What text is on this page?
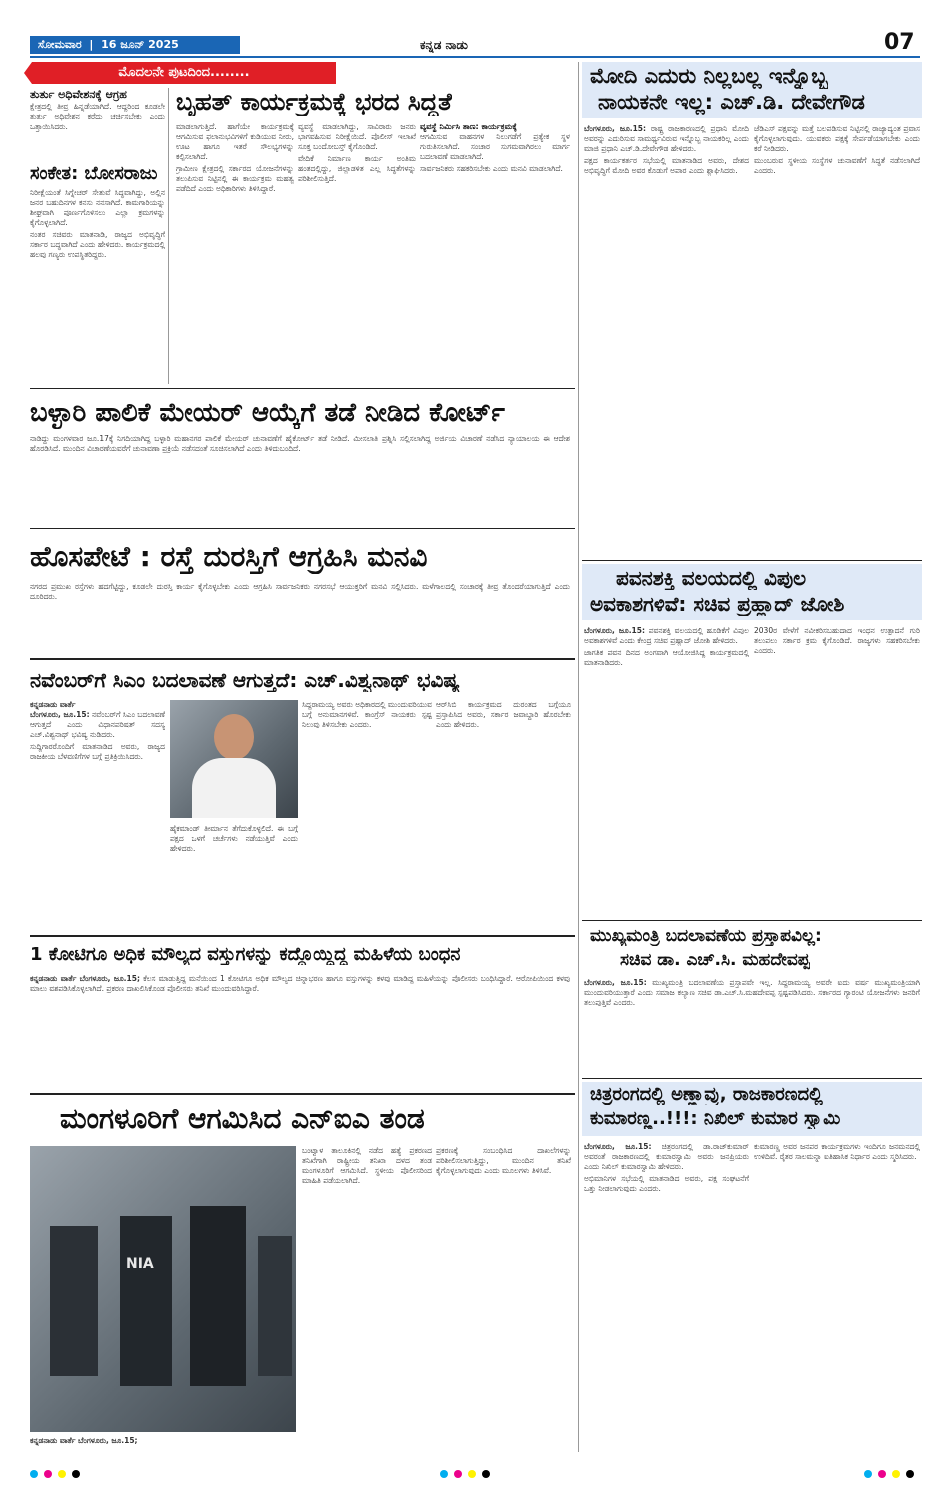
ಸೋಮವಾರ  |  16 ಜೂನ್ 2025	ಕನ್ನಡ ನಾಡು	07
ಮೊದಲನೇ ಪುಟದಿಂದ........
ತುರ್ತು ಅಧಿವೇಶನಕ್ಕೆ ಆಗ್ರಹ

ಕ್ಷೇತ್ರದಲ್ಲಿ ತೀವ್ರ ಹಿನ್ನಡೆಯಾಗಿದೆ. ಆದ್ದರಿಂದ ಕೂಡಲೇ ತುರ್ತು ಅಧಿವೇಶನ ಕರೆದು ಚರ್ಚಿಸಬೇಕು ಎಂದು ಒತ್ತಾಯಿಸಿದರು.

ಸಂಕೇತ: ಬೋಸರಾಜು

ನಿರೀಕ್ಷೆಯಂತೆ ಸಿಗ್ನೇಚರ್ ಸೇತುವೆ ಸಿದ್ಧವಾಗಿದ್ದು, ಅಲ್ಲಿನ ಜನರ ಬಹುದಿನಗಳ ಕನಸು ನನಸಾಗಿದೆ. ಕಾಮಗಾರಿಯನ್ನು ಶೀಘ್ರವಾಗಿ ಪೂರ್ಣಗೊಳಿಸಲು ಎಲ್ಲಾ ಕ್ರಮಗಳನ್ನು ಕೈಗೊಳ್ಳಲಾಗಿದೆ.

ನಂತರ ಸಚಿವರು ಮಾತನಾಡಿ, ರಾಜ್ಯದ ಅಭಿವೃದ್ಧಿಗೆ ಸರ್ಕಾರ ಬದ್ಧವಾಗಿದೆ ಎಂದು ಹೇಳಿದರು. ಕಾರ್ಯಕ್ರಮದಲ್ಲಿ ಹಲವು ಗಣ್ಯರು ಉಪಸ್ಥಿತರಿದ್ದರು.

ಬೃಹತ್ ಕಾರ್ಯಕ್ರಮಕ್ಕೆ ಭರದ ಸಿದ್ಧತೆ

ಮಾಡಲಾಗುತ್ತಿದೆ. ಹಾಗೆಯೇ ಕಾರ್ಯಕ್ರಮಕ್ಕೆ ಆಗಮಿಸುವ ಫಲಾನುಭವಿಗಳಿಗೆ ಕುಡಿಯುವ ನೀರು, ಊಟ ಹಾಗೂ ಇತರೆ ಸೌಲಭ್ಯಗಳನ್ನು ಕಲ್ಪಿಸಲಾಗಿದೆ.

ಗ್ರಾಮೀಣ ಕ್ಷೇತ್ರದಲ್ಲಿ ಸರ್ಕಾರದ ಯೋಜನೆಗಳನ್ನು ತಲುಪಿಸುವ ನಿಟ್ಟಿನಲ್ಲಿ ಈ ಕಾರ್ಯಕ್ರಮ ಮಹತ್ವ ಪಡೆದಿದೆ ಎಂದು ಅಧಿಕಾರಿಗಳು ತಿಳಿಸಿದ್ದಾರೆ.

ವ್ಯವಸ್ಥೆ ಮಾಡಲಾಗಿದ್ದು, ಸಾವಿರಾರು ಜನರು ಭಾಗವಹಿಸುವ ನಿರೀಕ್ಷೆಯಿದೆ. ಪೊಲೀಸ್ ಇಲಾಖೆ ಸೂಕ್ತ ಬಂದೋಬಸ್ತ್ ಕೈಗೊಂಡಿದೆ.

ವೇದಿಕೆ ನಿರ್ಮಾಣ ಕಾರ್ಯ ಅಂತಿಮ ಹಂತದಲ್ಲಿದ್ದು, ಜಿಲ್ಲಾಡಳಿತ ಎಲ್ಲ ಸಿದ್ಧತೆಗಳನ್ನು ಪರಿಶೀಲಿಸುತ್ತಿದೆ.

ವ್ಯವಸ್ಥೆ ನಿರ್ಮಿಸಿ ತಾಣ: ಕಾರ್ಯಕ್ರಮಕ್ಕೆ

ಆಗಮಿಸುವ ವಾಹನಗಳ ನಿಲುಗಡೆಗೆ ಪ್ರತ್ಯೇಕ ಸ್ಥಳ ಗುರುತಿಸಲಾಗಿದೆ. ಸಂಚಾರ ಸುಗಮವಾಗಿರಲು ಮಾರ್ಗ ಬದಲಾವಣೆ ಮಾಡಲಾಗಿದೆ.

ಸಾರ್ವಜನಿಕರು ಸಹಕರಿಸಬೇಕು ಎಂದು ಮನವಿ ಮಾಡಲಾಗಿದೆ.

ಬಳ್ಳಾರಿ ಪಾಲಿಕೆ ಮೇಯರ್ ಆಯ್ಕೆಗೆ ತಡೆ ನೀಡಿದ ಕೋರ್ಟ್

ನಾಡಿದ್ದು ಮಂಗಳವಾರ ಜೂ.17ಕ್ಕೆ ನಿಗದಿಯಾಗಿದ್ದ ಬಳ್ಳಾರಿ ಮಹಾನಗರ ಪಾಲಿಕೆ ಮೇಯರ್ ಚುನಾವಣೆಗೆ ಹೈಕೋರ್ಟ್ ತಡೆ ನೀಡಿದೆ. ಮೀಸಲಾತಿ ಪ್ರಶ್ನಿಸಿ ಸಲ್ಲಿಸಲಾಗಿದ್ದ ಅರ್ಜಿಯ ವಿಚಾರಣೆ ನಡೆಸಿದ ನ್ಯಾಯಾಲಯ ಈ ಆದೇಶ ಹೊರಡಿಸಿದೆ. ಮುಂದಿನ ವಿಚಾರಣೆಯವರೆಗೆ ಚುನಾವಣಾ ಪ್ರಕ್ರಿಯೆ ನಡೆಸದಂತೆ ಸೂಚಿಸಲಾಗಿದೆ ಎಂದು ತಿಳಿದುಬಂದಿದೆ.

ಹೊಸಪೇಟೆ : ರಸ್ತೆ ದುರಸ್ತಿಗೆ ಆಗ್ರಹಿಸಿ ಮನವಿ

ನಗರದ ಪ್ರಮುಖ ರಸ್ತೆಗಳು ಹದಗೆಟ್ಟಿದ್ದು, ಕೂಡಲೇ ದುರಸ್ತಿ ಕಾರ್ಯ ಕೈಗೊಳ್ಳಬೇಕು ಎಂದು ಆಗ್ರಹಿಸಿ ಸಾರ್ವಜನಿಕರು ನಗರಸಭೆ ಆಯುಕ್ತರಿಗೆ ಮನವಿ ಸಲ್ಲಿಸಿದರು. ಮಳೆಗಾಲದಲ್ಲಿ ಸಂಚಾರಕ್ಕೆ ತೀವ್ರ ತೊಂದರೆಯಾಗುತ್ತಿದೆ ಎಂದು ದೂರಿದರು.

ನವೆಂಬರ್‌ಗೆ ಸಿಎಂ ಬದಲಾವಣೆ ಆಗುತ್ತದೆ: ಎಚ್.ವಿಶ್ವನಾಥ್ ಭವಿಷ್ಯ

ಕನ್ನಡನಾಡು ವಾರ್ತೆ
ಬೆಂಗಳೂರು, ಜೂ.15: ನವೆಂಬರ್‌ಗೆ ಸಿಎಂ ಬದಲಾವಣೆ ಆಗುತ್ತದೆ ಎಂದು ವಿಧಾನಪರಿಷತ್ ಸದಸ್ಯ ಎಚ್.ವಿಶ್ವನಾಥ್ ಭವಿಷ್ಯ ನುಡಿದರು.

ಸುದ್ದಿಗಾರರೊಂದಿಗೆ ಮಾತನಾಡಿದ ಅವರು, ರಾಜ್ಯದ ರಾಜಕೀಯ ಬೆಳವಣಿಗೆಗಳ ಬಗ್ಗೆ ಪ್ರತಿಕ್ರಿಯಿಸಿದರು.

ಹೈಕಮಾಂಡ್ ತೀರ್ಮಾನ ತೆಗೆದುಕೊಳ್ಳಲಿದೆ. ಈ ಬಗ್ಗೆ ಪಕ್ಷದ ಒಳಗೆ ಚರ್ಚೆಗಳು ನಡೆಯುತ್ತಿವೆ ಎಂದು ಹೇಳಿದರು.

ಸಿದ್ದರಾಮಯ್ಯ ಅವರು ಅಧಿಕಾರದಲ್ಲಿ ಮುಂದುವರಿಯುವ ಬಗ್ಗೆ ಅನುಮಾನಗಳಿವೆ. ಕಾಂಗ್ರೆಸ್ ನಾಯಕರು ಸ್ಪಷ್ಟ ನಿಲುವು ತಿಳಿಸಬೇಕು ಎಂದರು.

ಆರ್‌ಸಿಬಿ ಕಾರ್ಯಕ್ರಮದ ದುರಂತದ ಬಗ್ಗೆಯೂ ಪ್ರಸ್ತಾಪಿಸಿದ ಅವರು, ಸರ್ಕಾರ ಜವಾಬ್ದಾರಿ ಹೊರಬೇಕು ಎಂದು ಹೇಳಿದರು.

1 ಕೋಟಿಗೂ ಅಧಿಕ ಮೌಲ್ಯದ ವಸ್ತುಗಳನ್ನು ಕದ್ದೊಯ್ದಿದ್ದ ಮಹಿಳೆಯ ಬಂಧನ

ಕನ್ನಡನಾಡು ವಾರ್ತೆ ಬೆಂಗಳೂರು, ಜೂ.15; ಕೆಲಸ ಮಾಡುತ್ತಿದ್ದ ಮನೆಯಿಂದ 1 ಕೋಟಿಗೂ ಅಧಿಕ ಮೌಲ್ಯದ ಚಿನ್ನಾಭರಣ ಹಾಗೂ ವಸ್ತುಗಳನ್ನು ಕಳವು ಮಾಡಿದ್ದ ಮಹಿಳೆಯನ್ನು ಪೊಲೀಸರು ಬಂಧಿಸಿದ್ದಾರೆ. ಆರೋಪಿಯಿಂದ ಕಳವು ಮಾಲು ವಶಪಡಿಸಿಕೊಳ್ಳಲಾಗಿದೆ. ಪ್ರಕರಣ ದಾಖಲಿಸಿಕೊಂಡ ಪೊಲೀಸರು ತನಿಖೆ ಮುಂದುವರಿಸಿದ್ದಾರೆ.

ಮಂಗಳೂರಿಗೆ ಆಗಮಿಸಿದ ಎನ್‌ಐಎ ತಂಡ
NIA

ಕನ್ನಡನಾಡು ವಾರ್ತೆ ಬೆಂಗಳೂರು, ಜೂ.15;

ಬಂಟ್ವಾಳ ತಾಲೂಕಿನಲ್ಲಿ ನಡೆದ ಹತ್ಯೆ ಪ್ರಕರಣದ ತನಿಖೆಗಾಗಿ ರಾಷ್ಟ್ರೀಯ ತನಿಖಾ ದಳದ ತಂಡ ಮಂಗಳೂರಿಗೆ ಆಗಮಿಸಿದೆ. ಸ್ಥಳೀಯ ಪೊಲೀಸರಿಂದ ಮಾಹಿತಿ ಪಡೆಯಲಾಗಿದೆ.

ಪ್ರಕರಣಕ್ಕೆ ಸಂಬಂಧಿಸಿದ ದಾಖಲೆಗಳನ್ನು ಪರಿಶೀಲಿಸಲಾಗುತ್ತಿದ್ದು, ಮುಂದಿನ ತನಿಖೆ ಕೈಗೊಳ್ಳಲಾಗುವುದು ಎಂದು ಮೂಲಗಳು ತಿಳಿಸಿವೆ.

ಮೋದಿ ಎದುರು ನಿಲ್ಲಬಲ್ಲ ಇನ್ನೊಬ್ಬ
ನಾಯಕನೇ ಇಲ್ಲ: ಎಚ್.ಡಿ. ದೇವೇಗೌಡ

ಬೆಂಗಳೂರು, ಜೂ.15: ರಾಷ್ಟ್ರ ರಾಜಕಾರಣದಲ್ಲಿ ಪ್ರಧಾನಿ ಮೋದಿ ಅವರನ್ನು ಎದುರಿಸುವ ಸಾಮರ್ಥ್ಯವಿರುವ ಇನ್ನೊಬ್ಬ ನಾಯಕರಿಲ್ಲ ಎಂದು ಮಾಜಿ ಪ್ರಧಾನಿ ಎಚ್.ಡಿ.ದೇವೇಗೌಡ ಹೇಳಿದರು.

ಪಕ್ಷದ ಕಾರ್ಯಕರ್ತರ ಸಭೆಯಲ್ಲಿ ಮಾತನಾಡಿದ ಅವರು, ದೇಶದ ಅಭಿವೃದ್ಧಿಗೆ ಮೋದಿ ಅವರ ಕೊಡುಗೆ ಅಪಾರ ಎಂದು ಶ್ಲಾಘಿಸಿದರು.

ಜೆಡಿಎಸ್ ಪಕ್ಷವನ್ನು ಮತ್ತೆ ಬಲಪಡಿಸುವ ನಿಟ್ಟಿನಲ್ಲಿ ರಾಜ್ಯಾದ್ಯಂತ ಪ್ರವಾಸ ಕೈಗೊಳ್ಳಲಾಗುವುದು. ಯುವಕರು ಪಕ್ಷಕ್ಕೆ ಸೇರ್ಪಡೆಯಾಗಬೇಕು ಎಂದು ಕರೆ ನೀಡಿದರು.

ಮುಂಬರುವ ಸ್ಥಳೀಯ ಸಂಸ್ಥೆಗಳ ಚುನಾವಣೆಗೆ ಸಿದ್ಧತೆ ನಡೆಸಲಾಗಿದೆ ಎಂದರು.

ಪವನಶಕ್ತಿ ವಲಯದಲ್ಲಿ ವಿಪುಲ
ಅವಕಾಶಗಳಿವೆ: ಸಚಿವ ಪ್ರಹ್ಲಾದ್ ಜೋಶಿ

ಬೆಂಗಳೂರು, ಜೂ.15: ಪವನಶಕ್ತಿ ವಲಯದಲ್ಲಿ ಹೂಡಿಕೆಗೆ ವಿಪುಲ ಅವಕಾಶಗಳಿವೆ ಎಂದು ಕೇಂದ್ರ ಸಚಿವ ಪ್ರಹ್ಲಾದ್ ಜೋಶಿ ಹೇಳಿದರು.

ಜಾಗತಿಕ ಪವನ ದಿನದ ಅಂಗವಾಗಿ ಆಯೋಜಿಸಿದ್ದ ಕಾರ್ಯಕ್ರಮದಲ್ಲಿ ಮಾತನಾಡಿದರು.

2030ರ ವೇಳೆಗೆ ನವೀಕರಿಸಬಹುದಾದ ಇಂಧನ ಉತ್ಪಾದನೆ ಗುರಿ ತಲುಪಲು ಸರ್ಕಾರ ಕ್ರಮ ಕೈಗೊಂಡಿದೆ. ರಾಜ್ಯಗಳು ಸಹಕರಿಸಬೇಕು ಎಂದರು.

ಮುಖ್ಯಮಂತ್ರಿ ಬದಲಾವಣೆಯ ಪ್ರಸ್ತಾಪವಿಲ್ಲ:
ಸಚಿವ ಡಾ. ಎಚ್.ಸಿ. ಮಹದೇವಪ್ಪ

ಬೆಂಗಳೂರು, ಜೂ.15: ಮುಖ್ಯಮಂತ್ರಿ ಬದಲಾವಣೆಯ ಪ್ರಸ್ತಾಪವೇ ಇಲ್ಲ. ಸಿದ್ದರಾಮಯ್ಯ ಅವರೇ ಐದು ವರ್ಷ ಮುಖ್ಯಮಂತ್ರಿಯಾಗಿ ಮುಂದುವರಿಯುತ್ತಾರೆ ಎಂದು ಸಮಾಜ ಕಲ್ಯಾಣ ಸಚಿವ ಡಾ.ಎಚ್.ಸಿ.ಮಹದೇವಪ್ಪ ಸ್ಪಷ್ಟಪಡಿಸಿದರು. ಸರ್ಕಾರದ ಗ್ಯಾರಂಟಿ ಯೋಜನೆಗಳು ಜನರಿಗೆ ತಲುಪುತ್ತಿವೆ ಎಂದರು.

ಚಿತ್ರರಂಗದಲ್ಲಿ ಅಣ್ಣಾವ್ರು, ರಾಜಕಾರಣದಲ್ಲಿ
ಕುಮಾರಣ್ಣ..!!!: ನಿಖಿಲ್ ಕುಮಾರ ಸ್ವಾಮಿ

ಬೆಂಗಳೂರು, ಜೂ.15: ಚಿತ್ರರಂಗದಲ್ಲಿ ಡಾ.ರಾಜ್‌ಕುಮಾರ್ ಅವರಂತೆ ರಾಜಕಾರಣದಲ್ಲಿ ಕುಮಾರಸ್ವಾಮಿ ಅವರು ಜನಪ್ರಿಯರು ಎಂದು ನಿಖಿಲ್ ಕುಮಾರಸ್ವಾಮಿ ಹೇಳಿದರು.

ಅಭಿಮಾನಿಗಳ ಸಭೆಯಲ್ಲಿ ಮಾತನಾಡಿದ ಅವರು, ಪಕ್ಷ ಸಂಘಟನೆಗೆ ಒತ್ತು ನೀಡಲಾಗುವುದು ಎಂದರು.

ಕುಮಾರಣ್ಣ ಅವರ ಜನಪರ ಕಾರ್ಯಕ್ರಮಗಳು ಇಂದಿಗೂ ಜನಮನದಲ್ಲಿ ಉಳಿದಿವೆ. ರೈತರ ಸಾಲಮನ್ನಾ ಐತಿಹಾಸಿಕ ನಿರ್ಧಾರ ಎಂದು ಸ್ಮರಿಸಿದರು.
